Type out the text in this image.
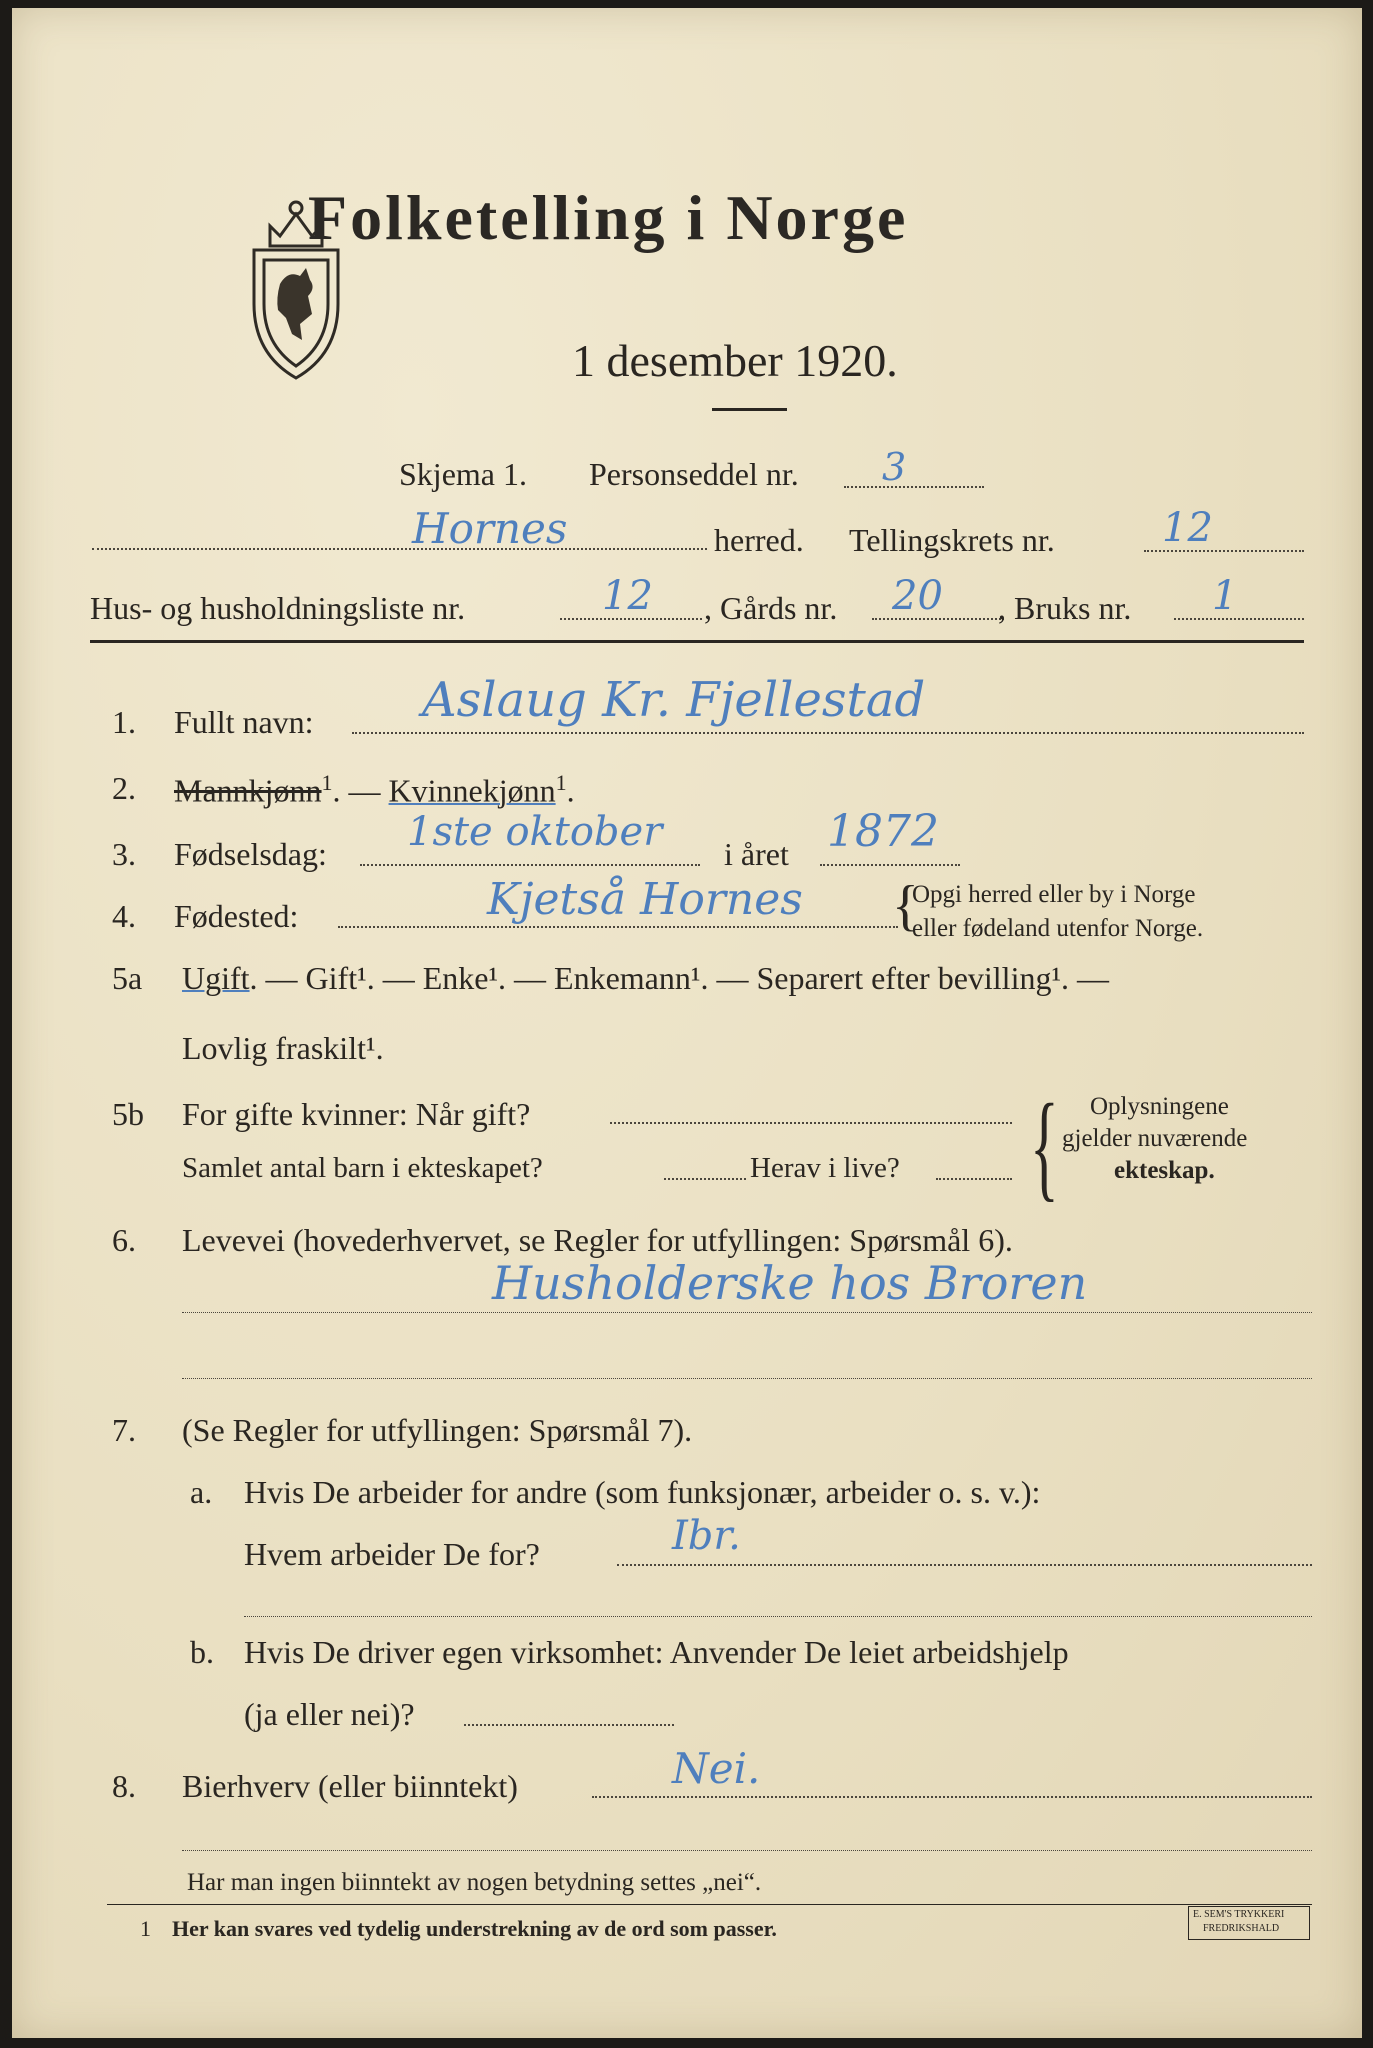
Folketelling i Norge
1 desember 1920.
Skjema 1. Personseddel nr. 3
Hornes	herred. Tellingskrets nr.	12
Hus- og husholdningsliste nr.	12 , Gårds nr. 20 , Bruks nr. 1
1. Fullt navn: Aslaug Kr. Fjellestad
2. Mannkjønn$^1$. — Kvinnekjønn$^1$.
3. Fødselsdag: 1ste oktober i året 1872
4. Fødested:	Kjetså Hornes {
Opgi herred eller by i Norge
eller fødeland utenfor Norge.
5a Ugift. — Gift¹. — Enke¹. — Enkemann¹. — Separert efter bevilling¹. —
Lovlig fraskilt¹.
5b For gifte kvinner: Når gift?
Samlet antal barn i ekteskapet?	Herav i live? { Oplysningene
gjelder nuværende
ekteskap.
6. Levevei (hovederhvervet, se Regler for utfyllingen: Spørsmål 6).
Husholderske hos Broren
7. (Se Regler for utfyllingen: Spørsmål 7).
a. Hvis De arbeider for andre (som funksjonær, arbeider o. s. v.):
Hvem arbeider De for?	Ibr.
b. Hvis De driver egen virksomhet: Anvender De leiet arbeidshjelp
(ja eller nei)?
8. Bierhverv (eller biinntekt)	Nei.
Har man ingen biinntekt av nogen betydning settes „nei“.
1 Her kan svares ved tydelig understrekning av de ord som passer.
E. SEM'S TRYKKERI
FREDRIKSHALD
